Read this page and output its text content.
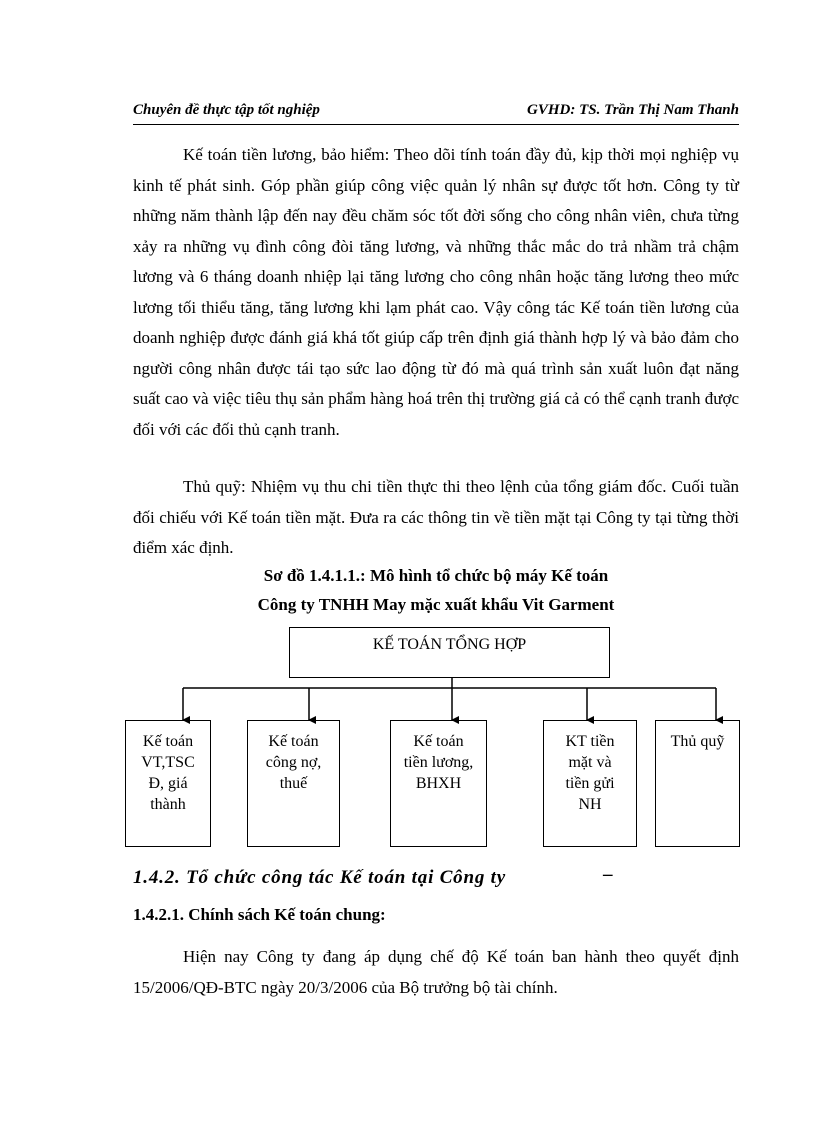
Chuyên đề thực tập tốt nghiệp	GVHD: TS. Trần Thị Nam Thanh

Kế toán tiền lương, bảo hiểm: Theo dõi tính toán đầy đủ, kịp thời mọi nghiệp vụ kinh tế phát sinh. Góp phần giúp công việc quản lý nhân sự được tốt hơn. Công ty từ những năm thành lập đến nay đều chăm sóc tốt đời sống cho công nhân viên, chưa từng xảy ra những vụ đình công đòi tăng lương, và những thắc mắc do trả nhầm trả chậm lương và 6 tháng doanh nhiệp lại tăng lương cho công nhân hoặc tăng lương theo mức lương tối thiểu tăng, tăng lương khi lạm phát cao. Vậy công tác Kế toán tiền lương của doanh nghiệp được đánh giá khá tốt giúp cấp trên định giá thành hợp lý và bảo đảm cho người công nhân được tái tạo sức lao động từ đó mà quá trình sản xuất luôn đạt năng suất cao và việc tiêu thụ sản phẩm hàng hoá trên thị trường giá cả có thể cạnh tranh được đối với các đối thủ cạnh tranh.

Thủ quỹ: Nhiệm vụ thu chi tiền thực thi theo lệnh của tổng giám đốc. Cuối tuần đối chiếu với Kế toán tiền mặt. Đưa ra các thông tin về tiền mặt tại Công ty tại từng thời điểm xác định.

Sơ đồ 1.4.1.1.: Mô hình tổ chức bộ máy Kế toán
Công ty TNHH May mặc xuất khẩu Vit Garment
KẾ TOÁN TỔNG HỢP
Kế toán VT,TSC Đ, giá thành
Kế toán công nợ, thuế
Kế toán tiền lương, BHXH
KT tiền mặt và tiền gửi NH
Thủ quỹ
1.4.2. Tổ chức công tác Kế toán tại Công ty	–
1.4.2.1. Chính sách Kế toán chung:

Hiện nay Công ty đang áp dụng chế độ Kế toán ban hành theo quyết định 15/2006/QĐ-BTC ngày 20/3/2006 của Bộ trưởng bộ tài chính.
